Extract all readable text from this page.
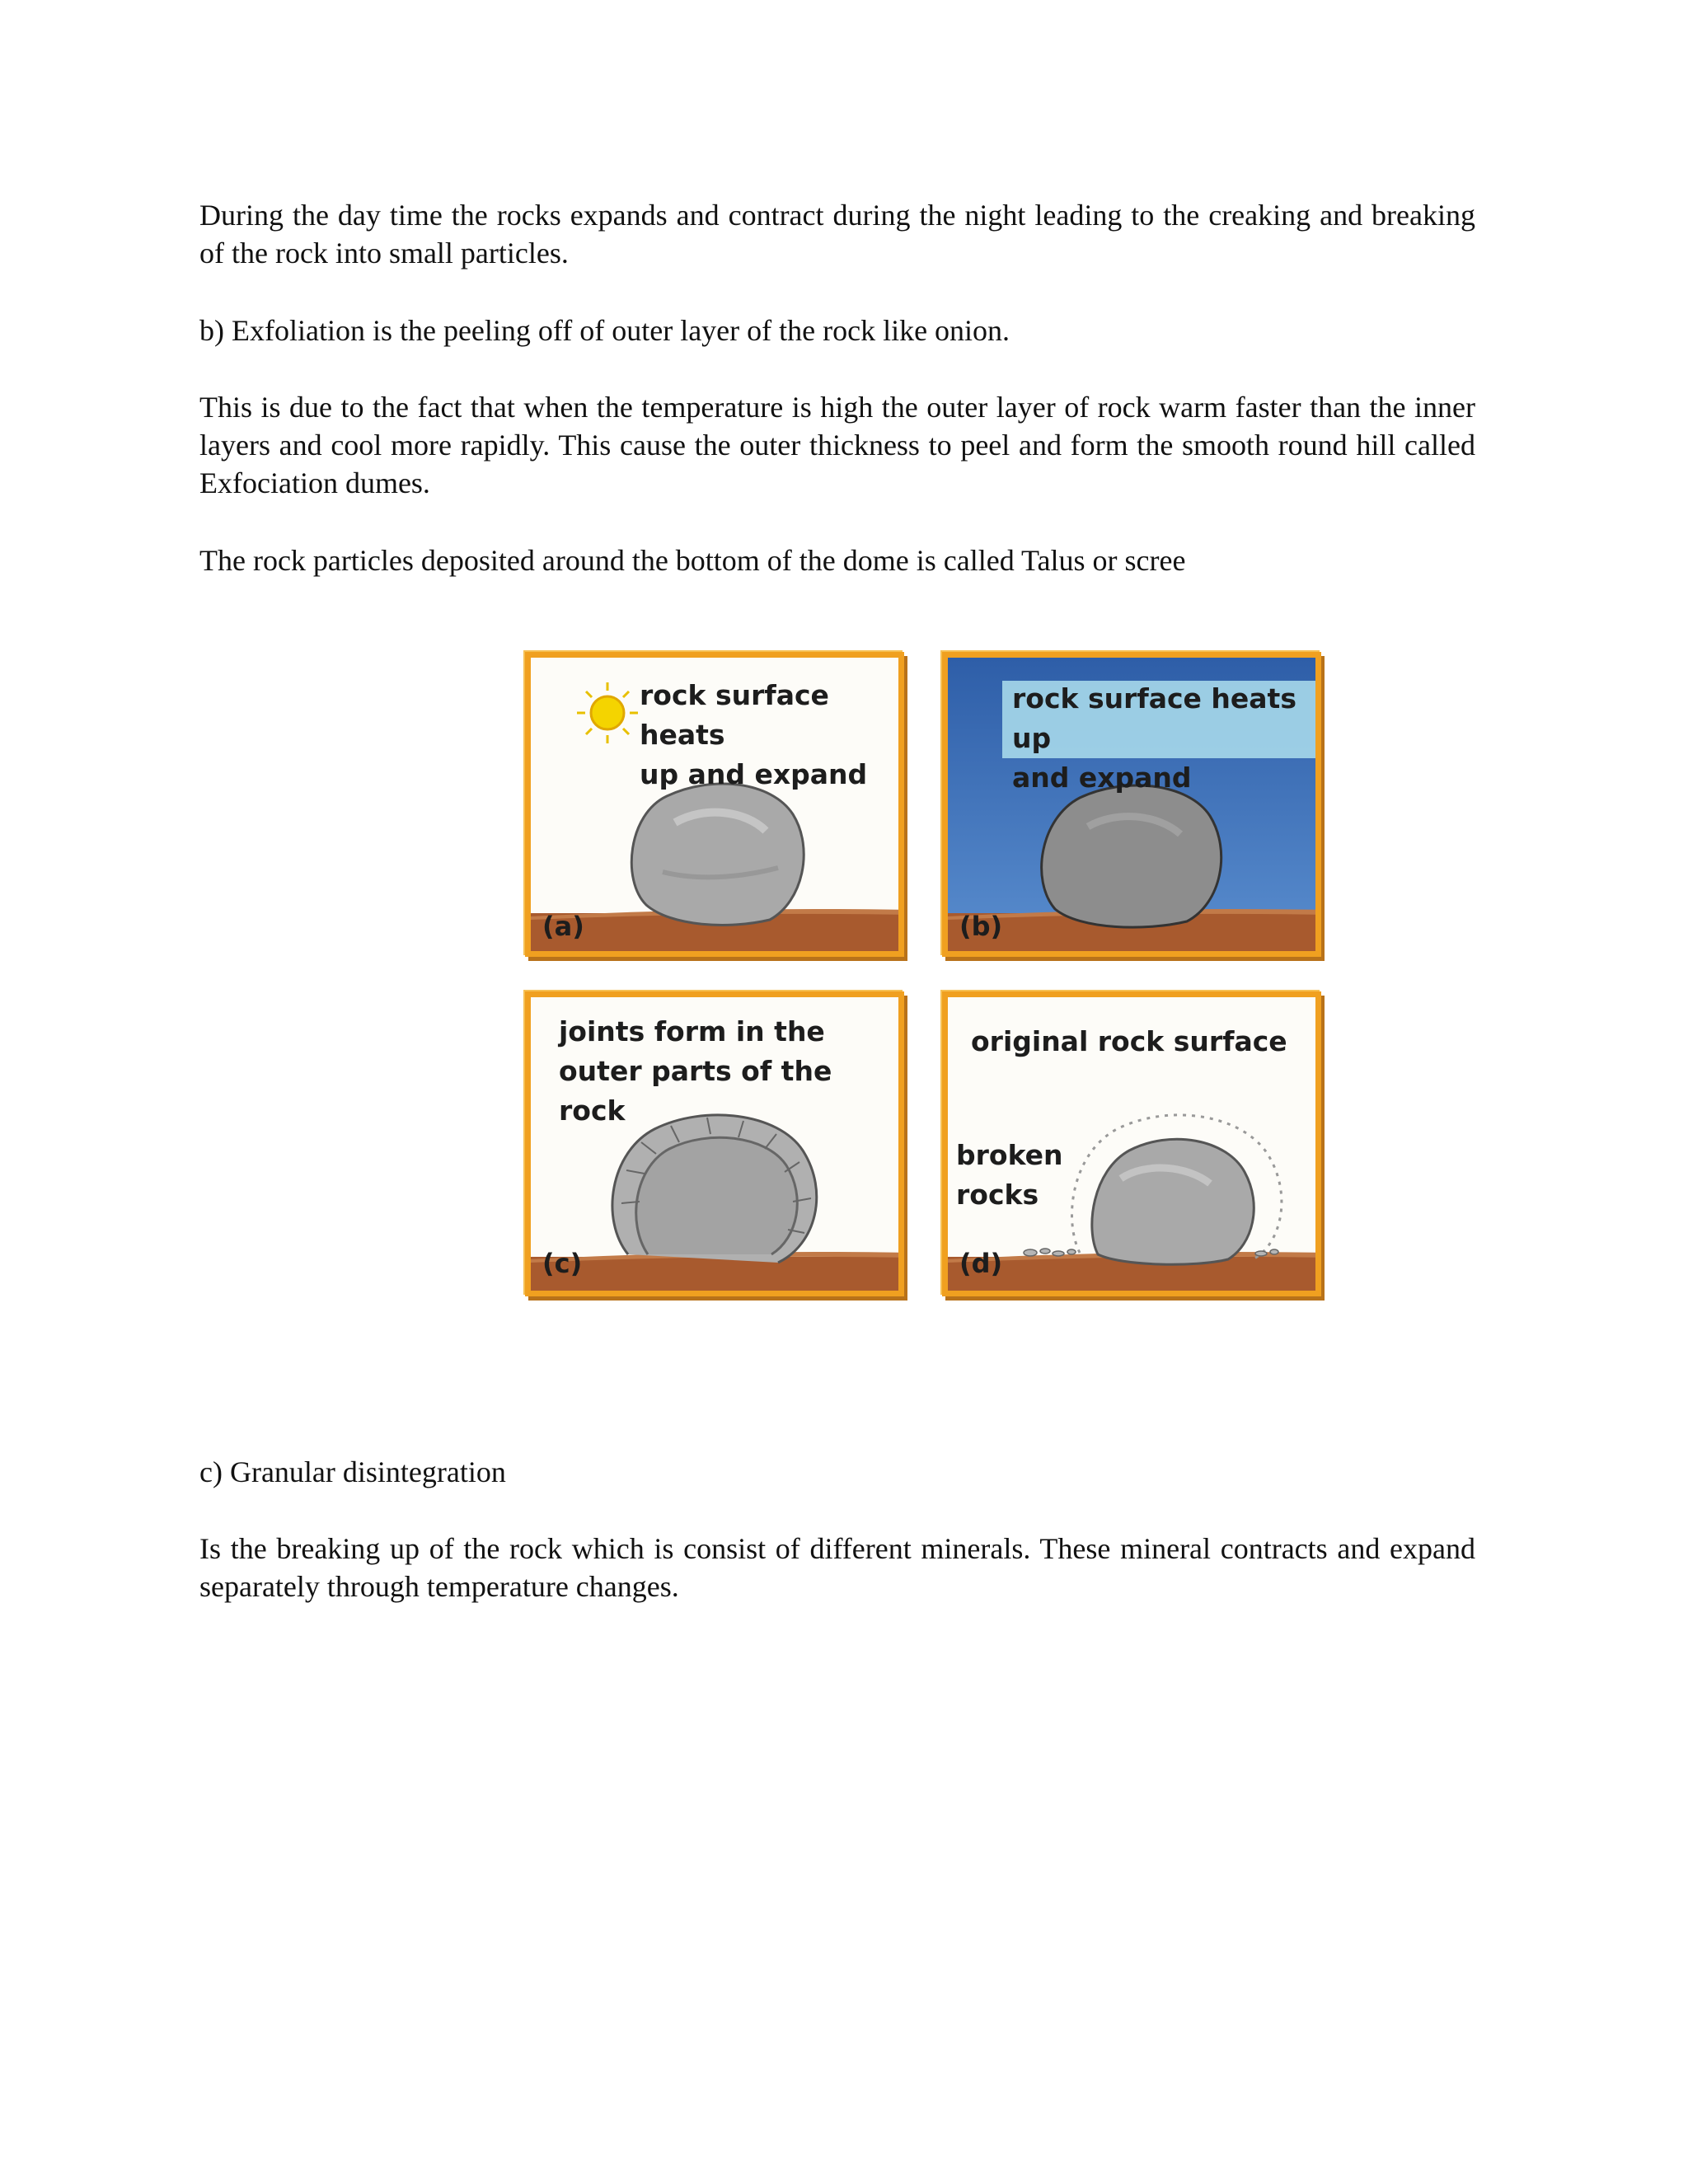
During the day time the rocks expands and contract during the night leading to the creaking and breaking of the rock into small particles.

b) Exfoliation is the peeling off of outer layer of the rock like onion.

This is due to the fact that when the temperature is high the outer layer of rock warm faster than the inner layers and cool more rapidly. This cause the outer thickness to peel and form the smooth round hill called Exfociation dumes.

The rock particles deposited around the bottom of the dome is called Talus or scree

rock surface heats
up and expand
(a)
rock surface heats up
and expand
(b)
joints form in the
outer parts of the rock
(c)
original rock surface
broken
rocks
(d)

c) Granular disintegration

Is the breaking up of the rock which is consist of different minerals. These mineral contracts and expand separately through temperature changes.
